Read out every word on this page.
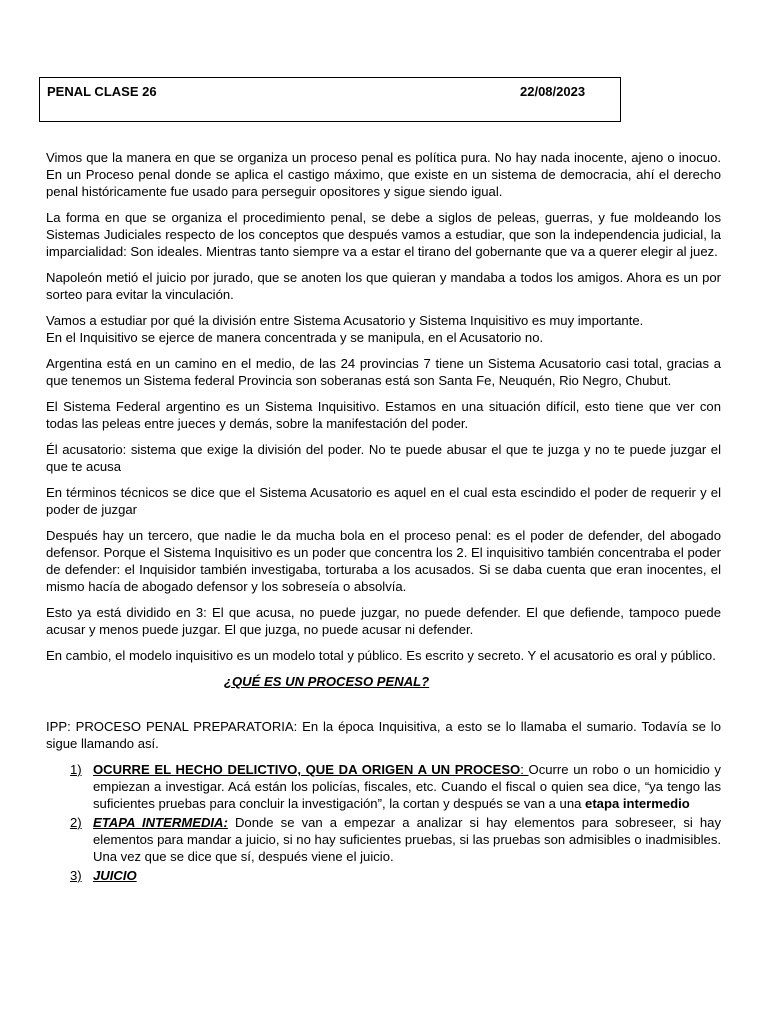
PENAL CLASE 26	22/08/2023

Vimos que la manera en que se organiza un proceso penal es política pura. No hay nada inocente, ajeno o inocuo. En un Proceso penal donde se aplica el castigo máximo, que existe en un sistema de democracia, ahí el derecho penal históricamente fue usado para perseguir opositores y sigue siendo igual.

La forma en que se organiza el procedimiento penal, se debe a siglos de peleas, guerras, y fue moldeando los Sistemas Judiciales respecto de los conceptos que después vamos a estudiar, que son la independencia judicial, la imparcialidad: Son ideales. Mientras tanto siempre va a estar el tirano del gobernante que va a querer elegir al juez.

Napoleón metió el juicio por jurado, que se anoten los que quieran y mandaba a todos los amigos. Ahora es un por sorteo para evitar la vinculación.

Vamos a estudiar por qué la división entre Sistema Acusatorio y Sistema Inquisitivo es muy importante.

En el Inquisitivo se ejerce de manera concentrada y se manipula, en el Acusatorio no.

Argentina está en un camino en el medio, de las 24 provincias 7 tiene un Sistema Acusatorio casi total, gracias a que tenemos un Sistema federal Provincia son soberanas está son Santa Fe, Neuquén, Rio Negro, Chubut.

El Sistema Federal argentino es un Sistema Inquisitivo. Estamos en una situación difícil, esto tiene que ver con todas las peleas entre jueces y demás, sobre la manifestación del poder.

Él acusatorio: sistema que exige la división del poder. No te puede abusar el que te juzga y no te puede juzgar el que te acusa

En términos técnicos se dice que el Sistema Acusatorio es aquel en el cual esta escindido el poder de requerir y el poder de juzgar

Después hay un tercero, que nadie le da mucha bola en el proceso penal: es el poder de defender, del abogado defensor. Porque el Sistema Inquisitivo es un poder que concentra los 2. El inquisitivo también concentraba el poder de defender: el Inquisidor también investigaba, torturaba a los acusados. Si se daba cuenta que eran inocentes, el mismo hacía de abogado defensor y los sobreseía o absolvía.

Esto ya está dividido en 3: El que acusa, no puede juzgar, no puede defender. El que defiende, tampoco puede acusar y menos puede juzgar. El que juzga, no puede acusar ni defender.

En cambio, el modelo inquisitivo es un modelo total y público. Es escrito y secreto. Y el acusatorio es oral y público.

¿QUÉ ES UN PROCESO PENAL?

IPP: PROCESO PENAL PREPARATORIA: En la época Inquisitiva, a esto se lo llamaba el sumario. Todavía se lo sigue llamando así.

1) OCURRE EL HECHO DELICTIVO, QUE DA ORIGEN A UN PROCESO: Ocurre un robo o un homicidio y empiezan a investigar. Acá están los policías, fiscales, etc. Cuando el fiscal o quien sea dice, “ya tengo las suficientes pruebas para concluir la investigación”, la cortan y después se van a una etapa intermedio
2) ETAPA INTERMEDIA: Donde se van a empezar a analizar si hay elementos para sobreseer, si hay elementos para mandar a juicio, si no hay suficientes pruebas, si las pruebas son admisibles o inadmisibles. Una vez que se dice que sí, después viene el juicio.
3) JUICIO
